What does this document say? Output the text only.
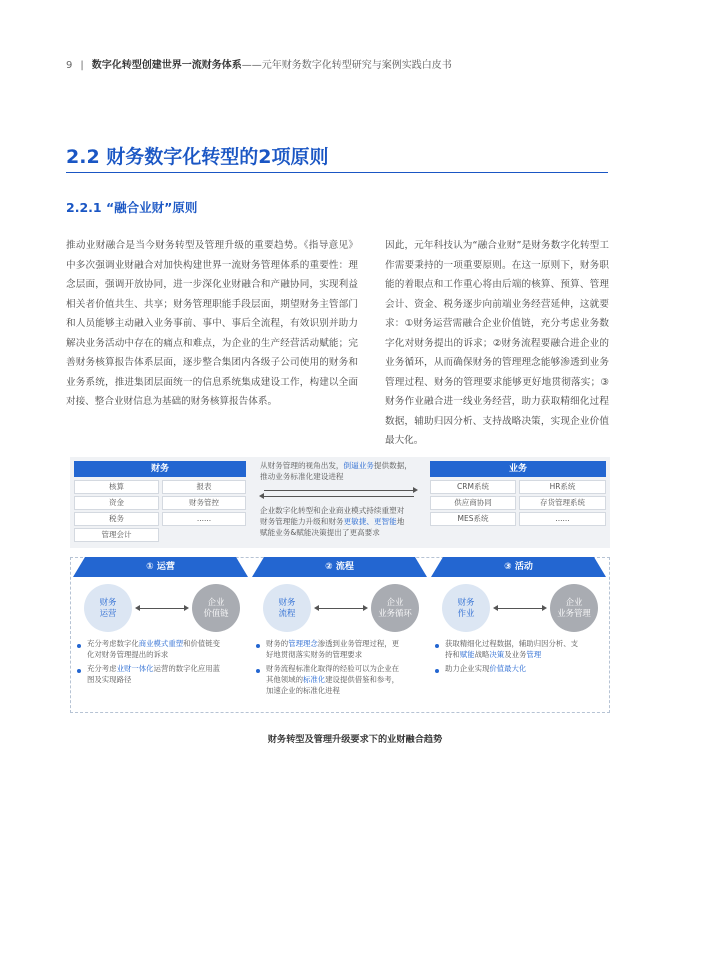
9 | 数字化转型创建世界一流财务体系——元年财务数字化转型研究与案例实践白皮书
2.2 财务数字化转型的2项原则
2.2.1 “融合业财”原则
推动业财融合是当今财务转型及管理升级的重要趋势。《指导意见》中多次强调业财融合对加快构建世界一流财务管理体系的重要性：理念层面，强调开放协同，进一步深化业财融合和产融协同，实现利益相关者价值共生、共享；财务管理职能手段层面，期望财务主管部门和人员能够主动融入业务事前、事中、事后全流程，有效识别并助力解决业务活动中存在的痛点和难点，为企业的生产经营活动赋能；完善财务核算报告体系层面，逐步整合集团内各级子公司使用的财务和业务系统，推进集团层面统一的信息系统集成建设工作，构建以全面对接、整合业财信息为基础的财务核算报告体系。
因此，元年科技认为“融合业财”是财务数字化转型工作需要秉持的一项重要原则。在这一原则下，财务职能的着眼点和工作重心将由后端的核算、预算、管理会计、资金、税务逐步向前端业务经营延伸，这就要求：①财务运营需融合企业价值链，充分考虑业务数字化对财务提出的诉求；②财务流程要融合进企业的业务循环，从而确保财务的管理理念能够渗透到业务管理过程、财务的管理要求能够更好地贯彻落实；③财务作业融合进一线业务经营，助力获取精细化过程数据，辅助归因分析、支持战略决策，实现企业价值最大化。
财务
核算	报表
资金	财务管控
税务	......
管理会计
从财务管理的视角出发，倒逼业务提供数据，
推动业务标准化建设进程
企业数字化转型和企业商业模式持续重塑对
财务管理能力升级和财务更敏捷、更智能地
赋能业务&赋能决策提出了更高要求
业务
CRM系统	HR系统
供应商协同	存货管理系统
MES系统	......
① 运营
财务
运营
企业
价值链
充分考虑数字化商业模式重塑和价值链变
化对财务管理提出的诉求
充分考虑业财一体化运营的数字化应用蓝
图及实现路径
② 流程
财务
流程
企业
业务循环
财务的管理理念渗透到业务管理过程，更
好地贯彻落实财务的管理要求
财务流程标准化取得的经验可以为企业在
其他领域的标准化建设提供借鉴和参考，
加速企业的标准化进程
③ 活动
财务
作业
企业
业务管理
获取精细化过程数据，辅助归因分析、支
持和赋能战略决策及业务管理
助力企业实现价值最大化
财务转型及管理升级要求下的业财融合趋势
